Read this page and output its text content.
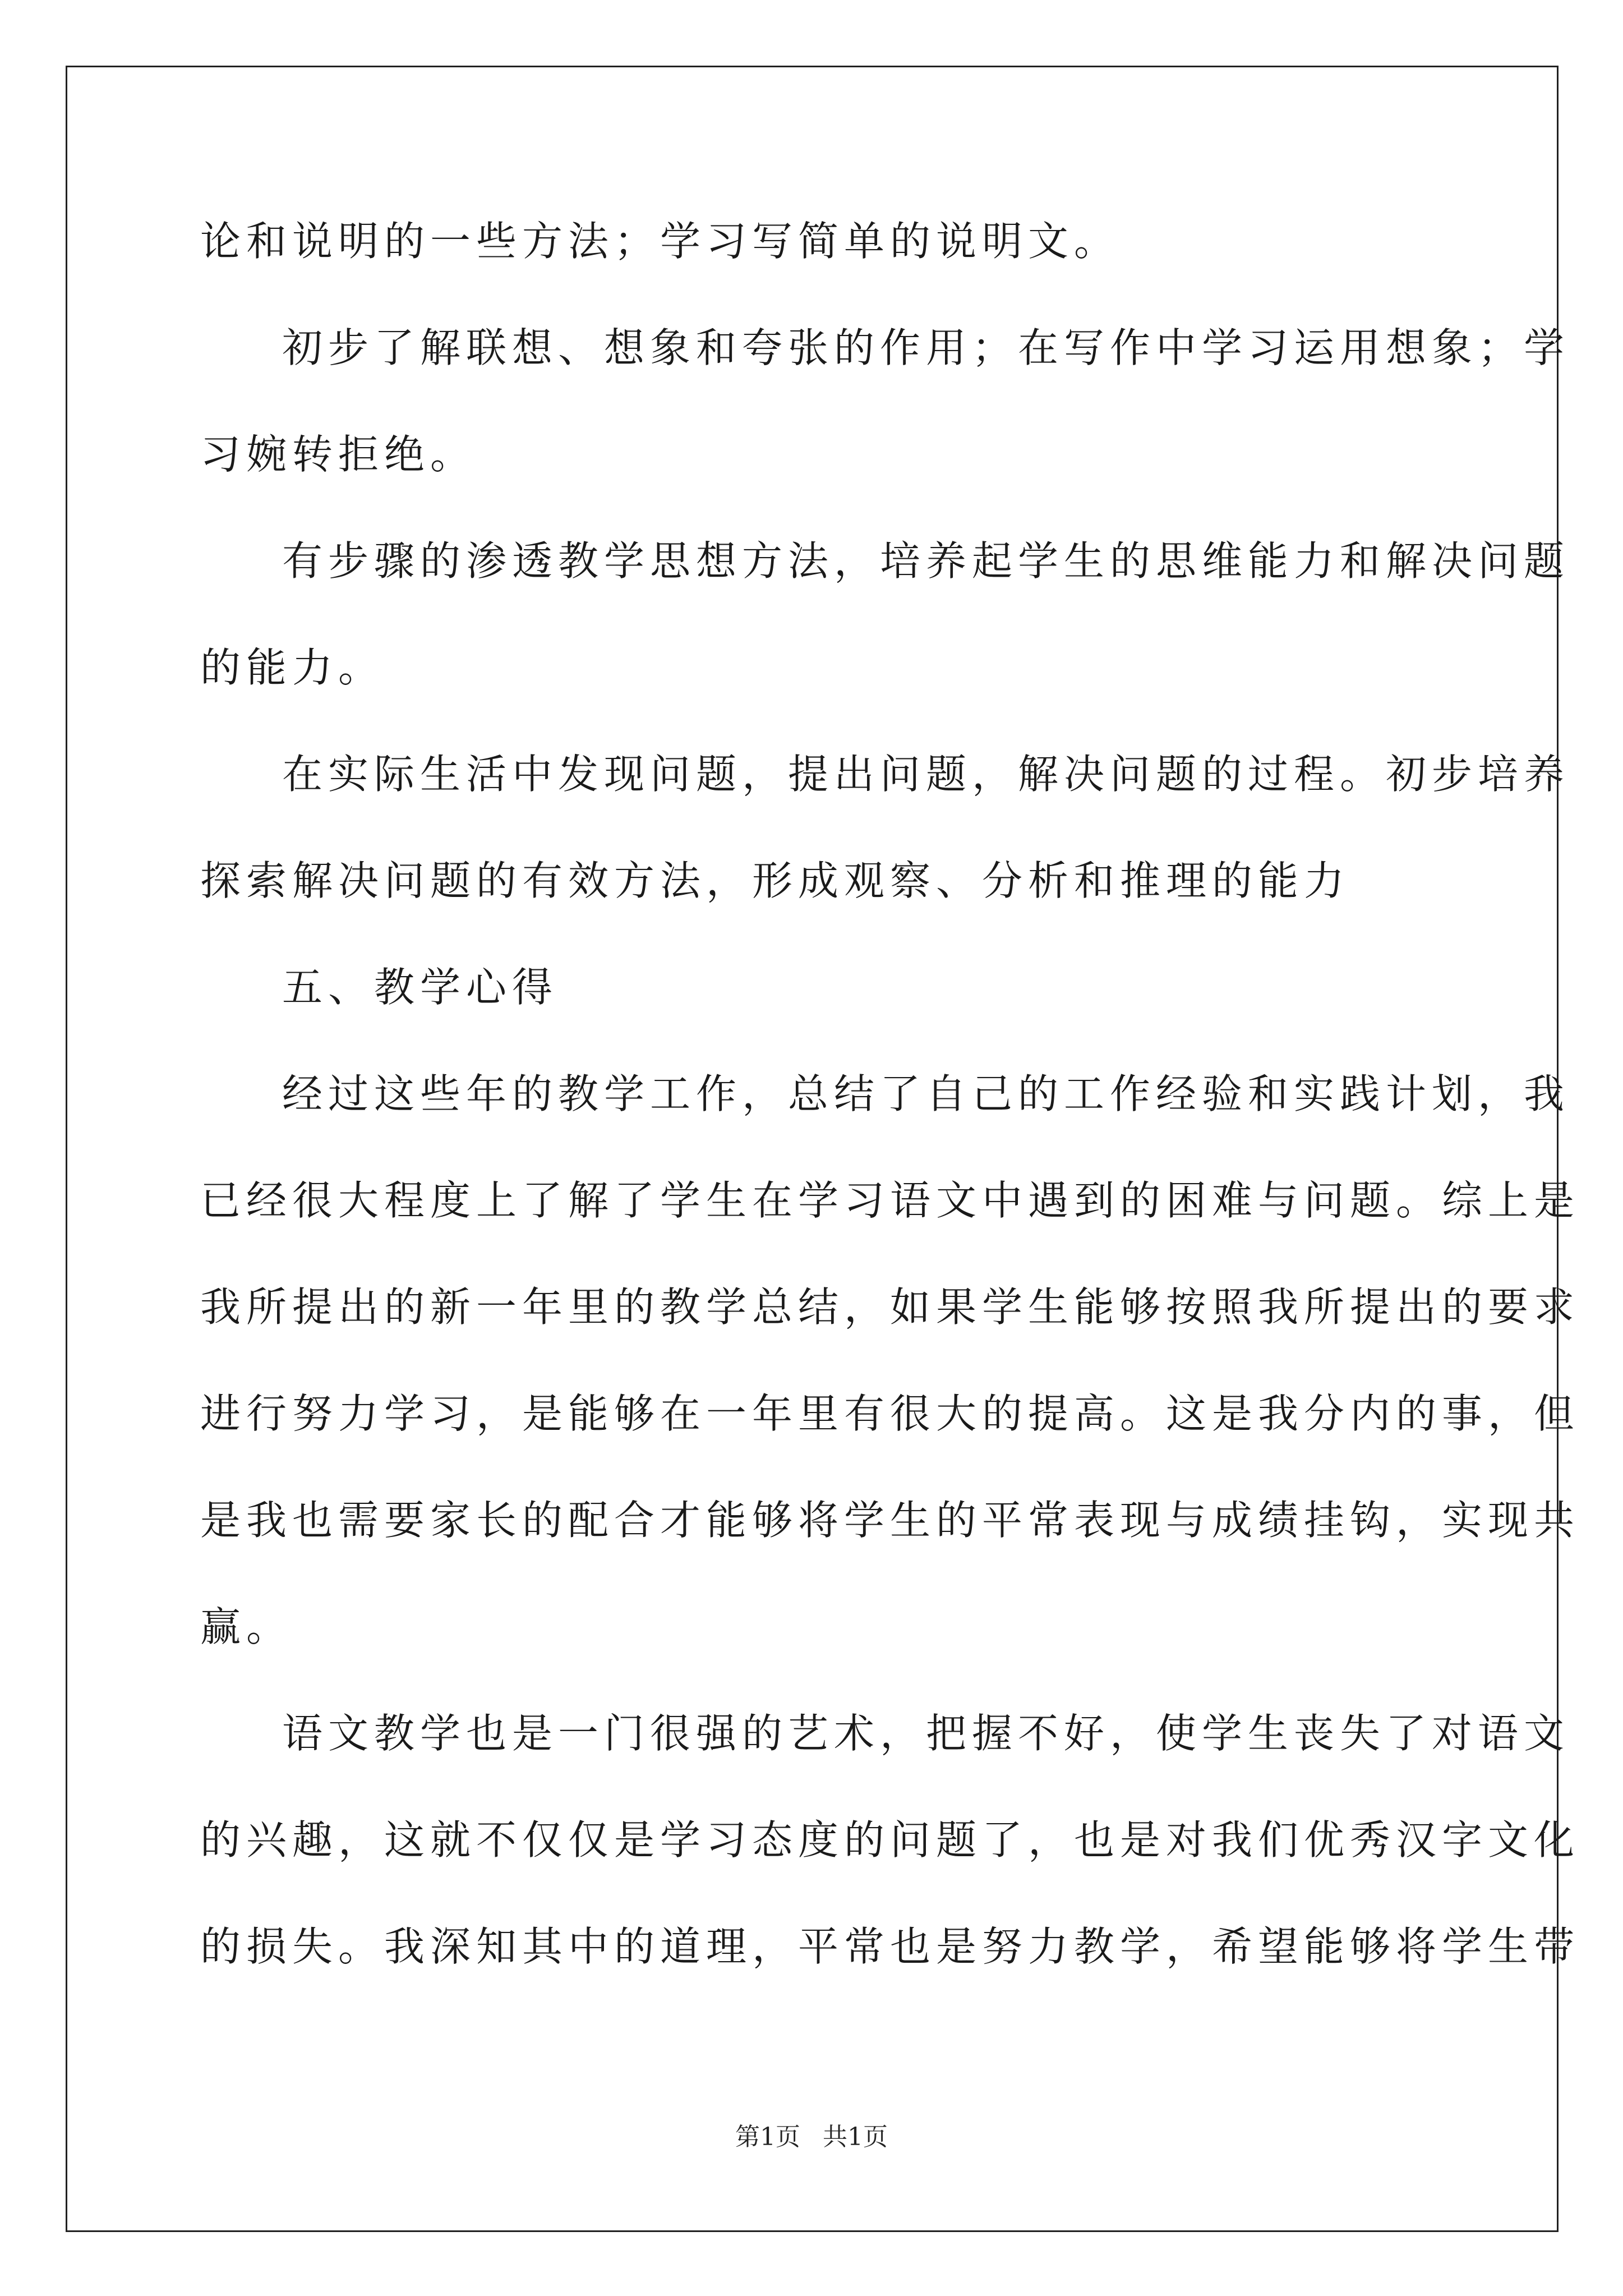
论和说明的一些方法；学习写简单的说明文。
初步了解联想、想象和夸张的作用；在写作中学习运用想象；学
习婉转拒绝。
有步骤的渗透教学思想方法，培养起学生的思维能力和解决问题
的能力。
在实际生活中发现问题，提出问题，解决问题的过程。初步培养
探索解决问题的有效方法，形成观察、分析和推理的能力
五、教学心得
经过这些年的教学工作，总结了自己的工作经验和实践计划，我
已经很大程度上了解了学生在学习语文中遇到的困难与问题。综上是
我所提出的新一年里的教学总结，如果学生能够按照我所提出的要求
进行努力学习，是能够在一年里有很大的提高。这是我分内的事，但
是我也需要家长的配合才能够将学生的平常表现与成绩挂钩，实现共
赢。
语文教学也是一门很强的艺术，把握不好，使学生丧失了对语文
的兴趣，这就不仅仅是学习态度的问题了，也是对我们优秀汉字文化
的损失。我深知其中的道理，平常也是努力教学，希望能够将学生带
第1页 共1页
